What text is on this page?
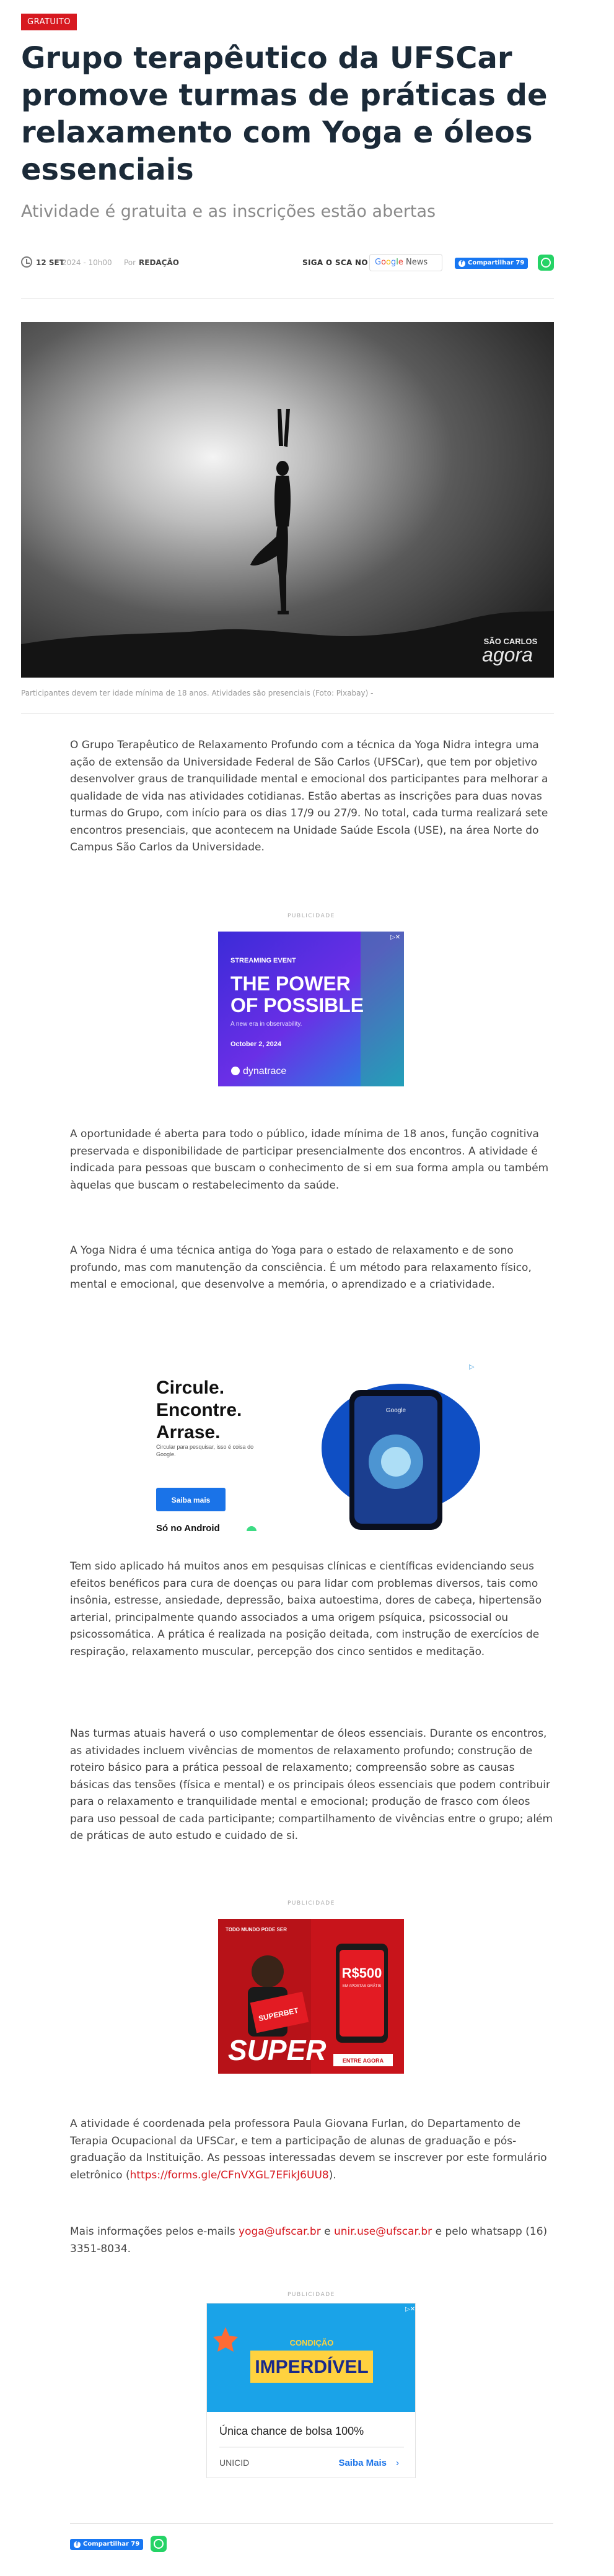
GRATUITO
Grupo terapêutico da UFSCar promove turmas de práticas de relaxamento com Yoga e óleos essenciais
Atividade é gratuita e as inscrições estão abertas
12 SET
2024 - 10h00 Por REDAÇÃO	SIGA O SCA NO Google News	f Compartilhar 79
SÃO CARLOS
agora
Participantes devem ter idade mínima de 18 anos. Atividades são presenciais (Foto: Pixabay) -

O Grupo Terapêutico de Relaxamento Profundo com a técnica da Yoga Nidra integra uma ação de extensão da Universidade Federal de São Carlos (UFSCar), que tem por objetivo desenvolver graus de tranquilidade mental e emocional dos participantes para melhorar a qualidade de vida nas atividades cotidianas. Estão abertas as inscrições para duas novas turmas do Grupo, com início para os dias 17/9 ou 27/9. No total, cada turma realizará sete encontros presenciais, que acontecem na Unidade Saúde Escola (USE), na área Norte do Campus São Carlos da Universidade.

PUBLICIDADE
STREAMING EVENT
THE POWER
OF POSSIBLE
A new era in observability.
October 2, 2024
dynatrace
▷✕

A oportunidade é aberta para todo o público, idade mínima de 18 anos, função cognitiva preservada e disponibilidade de participar presencialmente dos encontros. A atividade é indicada para pessoas que buscam o conhecimento de si em sua forma ampla ou também àquelas que buscam o restabelecimento da saúde.

A Yoga Nidra é uma técnica antiga do Yoga para o estado de relaxamento e de sono profundo, mas com manutenção da consciência. É um método para relaxamento físico, mental e emocional, que desenvolve a memória, o aprendizado e a criatividade.

Circule.
Encontre.
Arrase.
Circular para pesquisar, isso é coisa do Google.
Saiba mais
Só no Android
Google
▷

Tem sido aplicado há muitos anos em pesquisas clínicas e científicas evidenciando seus efeitos benéficos para cura de doenças ou para lidar com problemas diversos, tais como insônia, estresse, ansiedade, depressão, baixa autoestima, dores de cabeça, hipertensão arterial, principalmente quando associados a uma origem psíquica, psicossocial ou psicossomática. A prática é realizada na posição deitada, com instrução de exercícios de respiração, relaxamento muscular, percepção dos cinco sentidos e meditação.

Nas turmas atuais haverá o uso complementar de óleos essenciais. Durante os encontros, as atividades incluem vivências de momentos de relaxamento profundo; construção de roteiro básico para a prática pessoal de relaxamento; compreensão sobre as causas básicas das tensões (física e mental) e os principais óleos essenciais que podem contribuir para o relaxamento e tranquilidade mental e emocional; produção de frasco com óleos para uso pessoal de cada participante; compartilhamento de vivências entre o grupo; além de práticas de auto estudo e cuidado de si.

PUBLICIDADE
TODO MUNDO PODE SER
SUPERBET
SUPER
R$500
EM APOSTAS GRÁTIS
ENTRE AGORA

A atividade é coordenada pela professora Paula Giovana Furlan, do Departamento de Terapia Ocupacional da UFSCar, e tem a participação de alunas de graduação e pós-graduação da Instituição. As pessoas interessadas devem se inscrever por este formulário eletrônico (https://forms.gle/CFnVXGL7EFikJ6UU8).

Mais informações pelos e-mails yoga@ufscar.br e unir.use@ufscar.br e pelo whatsapp (16) 3351-8034.

PUBLICIDADE
CONDIÇÃO
IMPERDÍVEL
▷✕
Única chance de bolsa 100%
UNICID	Saiba Mais ›
f Compartilhar 79
